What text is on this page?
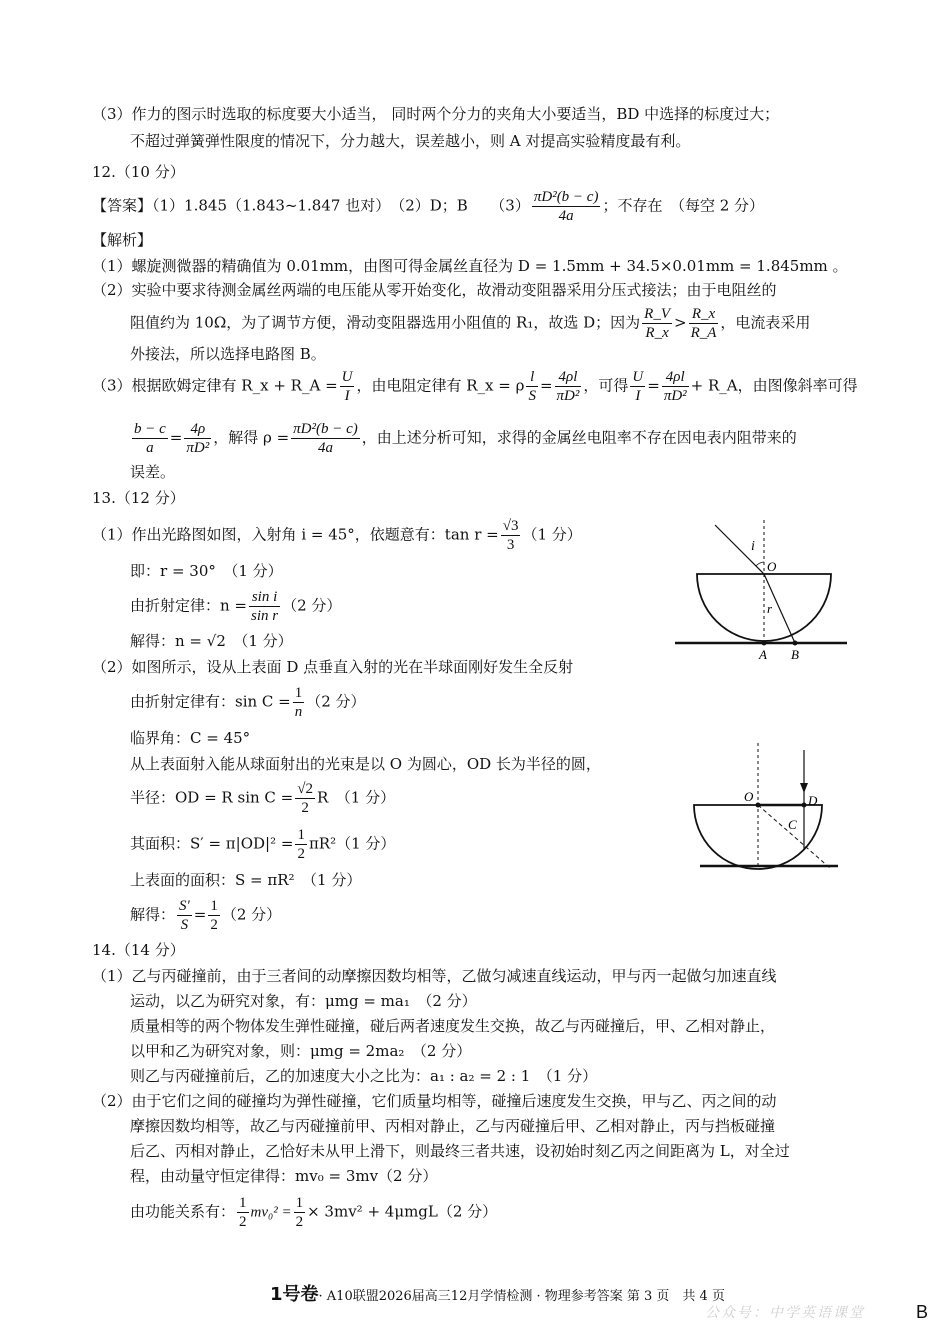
（3）作力的图示时选取的标度要大小适当， 同时两个分力的夹角大小要适当，BD 中选择的标度过大；
不超过弹簧弹性限度的情况下，分力越大，误差越小，则 A 对提高实验精度最有利。
12.（10 分）
【答案】（1）1.845（1.843~1.847 也对）　（2）D；B　　$(3) \frac{\text{πD²(b − c)}}{4a}$ ；不存在　（每空 2 分）
【解析】
（1）螺旋测微器的精确值为 0.01mm，由图可得金属丝直径为 D = 1.5mm + 34.5×0.01mm = 1.845mm 。
（2）实验中要求待测金属丝两端的电压能从零开始变化，故滑动变阻器采用分压式接法；由于电阻丝的
阻值约为 10Ω，为了调节方便，滑动变阻器选用小阻值的 R₁，故选 D；因为 $\frac{R\_V}{R\_x} > \frac{R\_x}{R\_A}$ ，电流表采用
外接法，所以选择电路图 B。
（3）根据欧姆定律有 R_x + R_A = $\frac{U}{I}$ ，由电阻定律有 R_x = ρ $\frac{l}{S} = \frac{4\rho l}{\text{πD²}}$ ，可得 $\frac{U}{I} = \frac{4\rho l}{\text{πD²}}$ + R_A，由图像斜率可得
$\frac{b - c}{a} = \frac{4\rho}{\text{πD²}}$ ，解得 $\rho = \frac{\text{πD²(b − c)}}{4a}$ ，由上述分析可知，求得的金属丝电阻率不存在因电表内阻带来的
误差。
13.（12 分）
（1）作出光路图如图，入射角 i = 45°，依题意有：$\tan r = \frac{√3}{3} (1$ 分）
即：r = 30°　（1 分）
由折射定律：$n = \frac{\text{sin i}}{\text{sin r}} (2$ 分）
解得：n = √2　（1 分）
（2）如图所示，设从上表面 D 点垂直入射的光在半球面刚好发生全反射
由折射定律有：$\sin C = \frac{1}{n} (2$ 分）
临界角：C = 45°
从上表面射入能从球面射出的光束是以 O 为圆心，OD 长为半径的圆，
半径：OD = R $\sin C = \frac{√2}{2}$ R　（1 分）
其面积：$S' = \pi|OD|^2 = \frac{1}{2} \pi R^2(1$ 分）
上表面的面积：S = πR²　（1 分）
解得： $\frac{S'}{S} = \frac{1}{2} (2$ 分）
i
O
r
A B
O	D
C
14.（14 分）
（1）乙与丙碰撞前，由于三者间的动摩擦因数均相等，乙做匀减速直线运动，甲与丙一起做匀加速直线
运动，以乙为研究对象，有：μmg = ma₁　（2 分）
质量相等的两个物体发生弹性碰撞，碰后两者速度发生交换，故乙与丙碰撞后，甲、乙相对静止，
以甲和乙为研究对象，则：μmg = 2ma₂　（2 分）
则乙与丙碰撞前后，乙的加速度大小之比为：a₁ : a₂ = 2 : 1　（1 分）
（2）由于它们之间的碰撞均为弹性碰撞，它们质量均相等，碰撞后速度发生交换，甲与乙、丙之间的动
摩擦因数均相等，故乙与丙碰撞前甲、丙相对静止，乙与丙碰撞后甲、乙相对静止，丙与挡板碰撞
后乙、丙相对静止，乙恰好未从甲上滑下，则最终三者共速，设初始时刻乙丙之间距离为 L，对全过
程，由动量守恒定律得：mv₀ = 3mv（2 分）
由功能关系有： $\frac{1}{2} mv_0^2 = \frac{1}{2} \times 3mv^2 + 4\mu mgL(2$ 分）
1号卷· A10联盟2026届高三12月学情检测 · 物理参考答案 第 3 页　共 4 页
公众号：中学英语课堂	B
